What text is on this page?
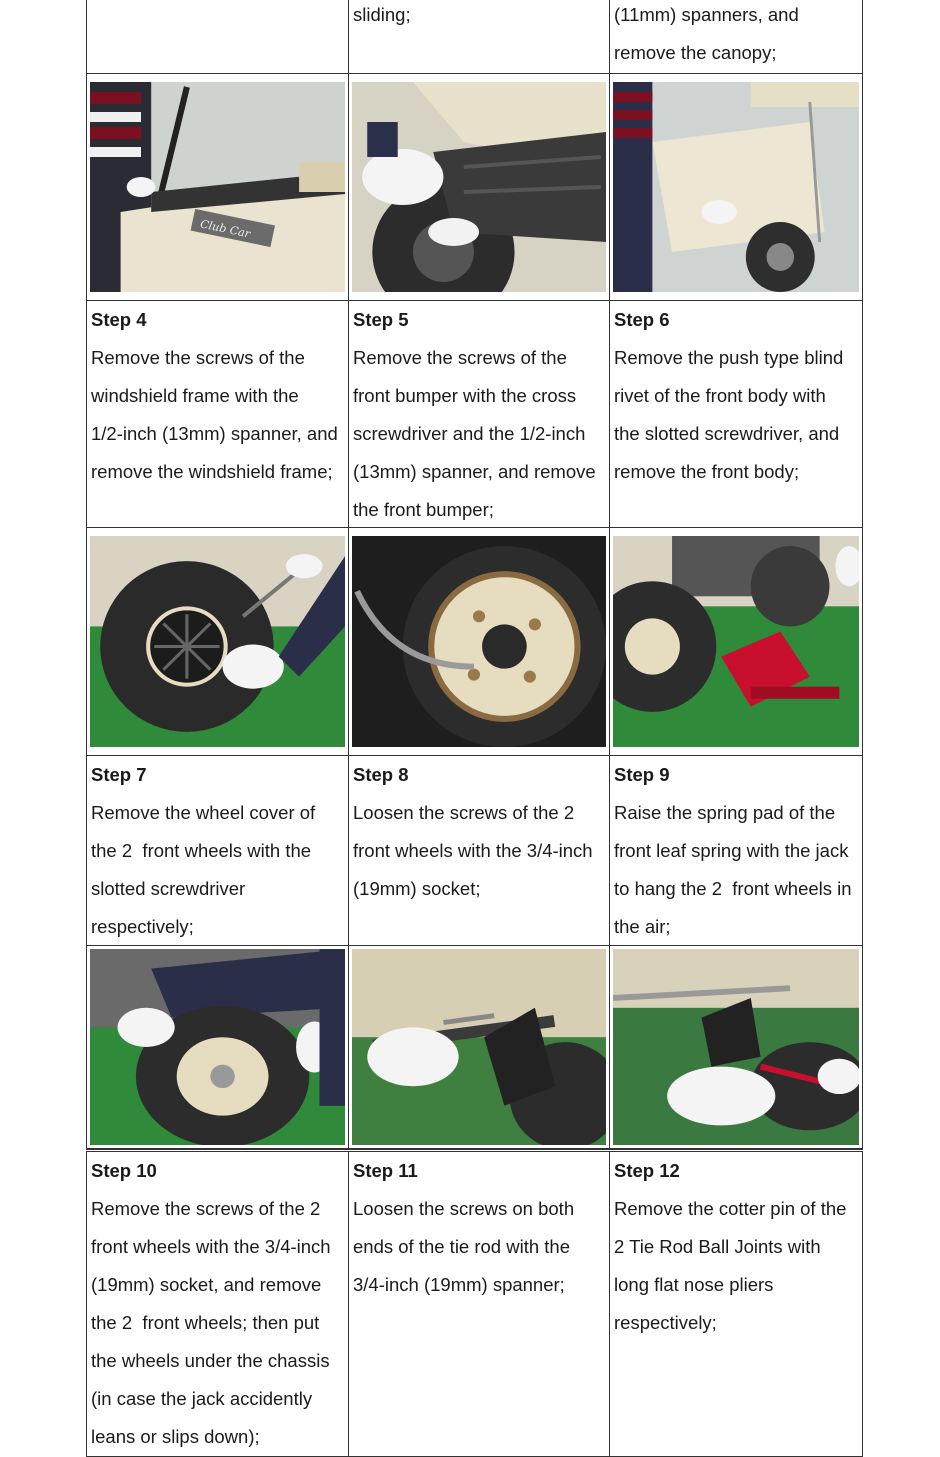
sliding;	(11mm) spanners, and

remove the canopy;

Club Car
Step 4

Remove the screws of the

windshield frame with the

1/2-inch (13mm) spanner, and

remove the windshield frame;

Step 5

Remove the screws of the

front bumper with the cross

screwdriver and the 1/2-inch

(13mm) spanner, and remove

the front bumper;

Step 6

Remove the push type blind

rivet of the front body with

the slotted screwdriver, and

remove the front body;

Step 7

Remove the wheel cover of

the 2  front wheels with the

slotted screwdriver

respectively;

Step 8

Loosen the screws of the 2

front wheels with the 3/4-inch

(19mm) socket;

Step 9

Raise the spring pad of the

front leaf spring with the jack

to hang the 2  front wheels in

the air;

Step 10

Remove the screws of the 2

front wheels with the 3/4-inch

(19mm) socket, and remove

the 2  front wheels; then put

the wheels under the chassis

(in case the jack accidently

leans or slips down);

Step 11

Loosen the screws on both

ends of the tie rod with the

3/4-inch (19mm) spanner;

Step 12

Remove the cotter pin of the

2 Tie Rod Ball Joints with

long flat nose pliers

respectively;
